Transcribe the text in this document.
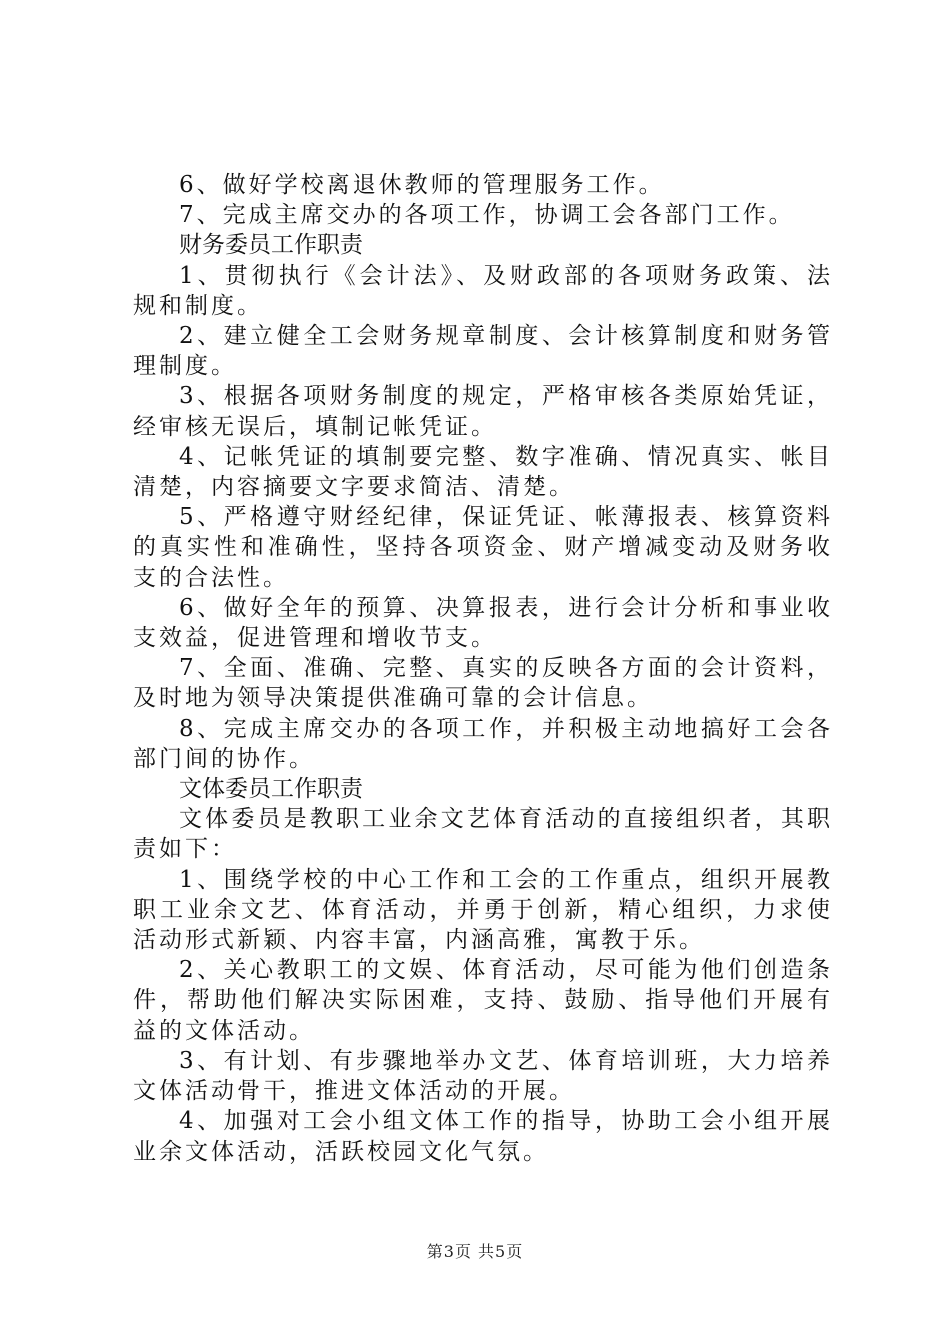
6、做好学校离退休教师的管理服务工作。

7、完成主席交办的各项工作，协调工会各部门工作。

财务委员工作职责

1、贯彻执行《会计法》、及财政部的各项财务政策、法规和制度。

2、建立健全工会财务规章制度、会计核算制度和财务管理制度。

3、根据各项财务制度的规定，严格审核各类原始凭证，经审核无误后，填制记帐凭证。

4、记帐凭证的填制要完整、数字准确、情况真实、帐目清楚，内容摘要文字要求简洁、清楚。

5、严格遵守财经纪律，保证凭证、帐薄报表、核算资料的真实性和准确性，坚持各项资金、财产增减变动及财务收支的合法性。

6、做好全年的预算、决算报表，进行会计分析和事业收支效益，促进管理和增收节支。

7、全面、准确、完整、真实的反映各方面的会计资料，及时地为领导决策提供准确可靠的会计信息。

8、完成主席交办的各项工作，并积极主动地搞好工会各部门间的协作。

文体委员工作职责

文体委员是教职工业余文艺体育活动的直接组织者，其职责如下：

1、围绕学校的中心工作和工会的工作重点，组织开展教职工业余文艺、体育活动，并勇于创新，精心组织，力求使活动形式新颖、内容丰富，内涵高雅，寓教于乐。

2、关心教职工的文娱、体育活动，尽可能为他们创造条件，帮助他们解决实际困难，支持、鼓励、指导他们开展有益的文体活动。

3、有计划、有步骤地举办文艺、体育培训班，大力培养文体活动骨干，推进文体活动的开展。

4、加强对工会小组文体工作的指导，协助工会小组开展业余文体活动，活跃校园文化气氛。

第3页 共5页
